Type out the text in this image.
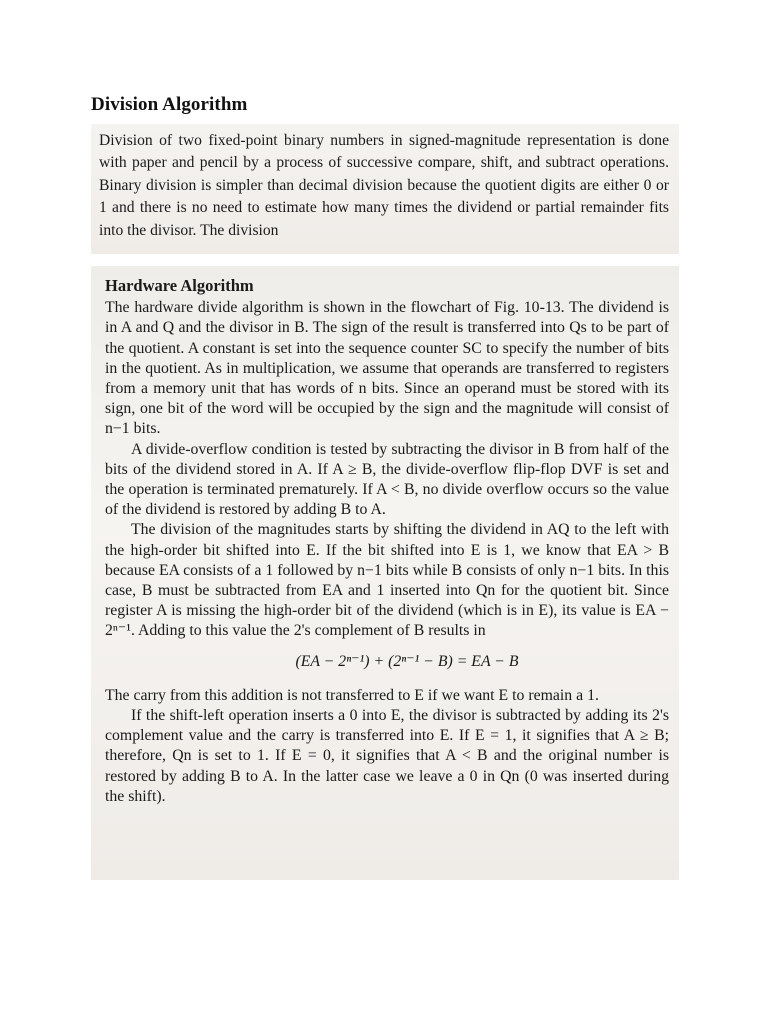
Division Algorithm

Division of two fixed-point binary numbers in signed-magnitude representation is done with paper and pencil by a process of successive compare, shift, and subtract operations. Binary division is simpler than decimal division because the quotient digits are either 0 or 1 and there is no need to estimate how many times the dividend or partial remainder fits into the divisor. The division

Hardware Algorithm

The hardware divide algorithm is shown in the flowchart of Fig. 10-13. The dividend is in A and Q and the divisor in B. The sign of the result is transferred into Qs to be part of the quotient. A constant is set into the sequence counter SC to specify the number of bits in the quotient. As in multiplication, we assume that operands are transferred to registers from a memory unit that has words of n bits. Since an operand must be stored with its sign, one bit of the word will be occupied by the sign and the magnitude will consist of n−1 bits.

A divide-overflow condition is tested by subtracting the divisor in B from half of the bits of the dividend stored in A. If A ≥ B, the divide-overflow flip-flop DVF is set and the operation is terminated prematurely. If A < B, no divide overflow occurs so the value of the dividend is restored by adding B to A.

The division of the magnitudes starts by shifting the dividend in AQ to the left with the high-order bit shifted into E. If the bit shifted into E is 1, we know that EA > B because EA consists of a 1 followed by n−1 bits while B consists of only n−1 bits. In this case, B must be subtracted from EA and 1 inserted into Qn for the quotient bit. Since register A is missing the high-order bit of the dividend (which is in E), its value is EA − 2ⁿ⁻¹. Adding to this value the 2's complement of B results in

(EA − 2ⁿ⁻¹) + (2ⁿ⁻¹ − B) = EA − B

The carry from this addition is not transferred to E if we want E to remain a 1.

If the shift-left operation inserts a 0 into E, the divisor is subtracted by adding its 2's complement value and the carry is transferred into E. If E = 1, it signifies that A ≥ B; therefore, Qn is set to 1. If E = 0, it signifies that A < B and the original number is restored by adding B to A. In the latter case we leave a 0 in Qn (0 was inserted during the shift).
